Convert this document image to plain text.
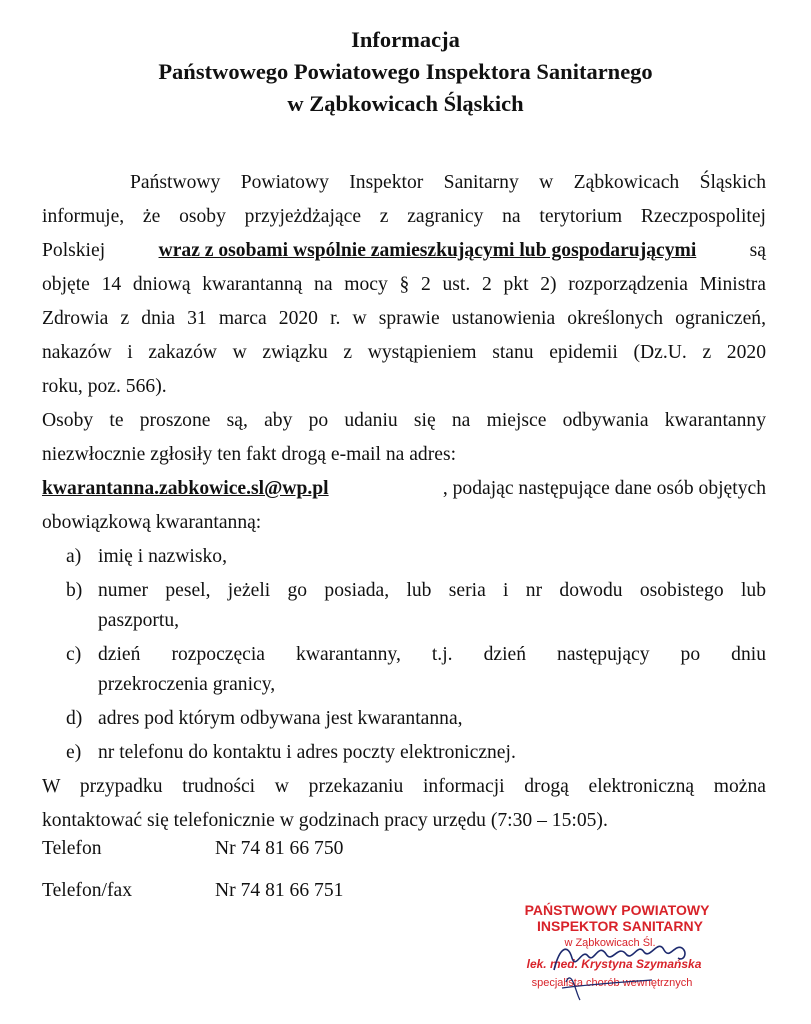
Informacja
Państwowego Powiatowego Inspektora Sanitarnego
w Ząbkowicach Śląskich
Państwowy Powiatowy Inspektor Sanitarny w Ząbkowicach Śląskich
informuje, że osoby przyjeżdżające z zagranicy na terytorium Rzeczpospolitej
Polskiej	wraz z osobami wspólnie zamieszkującymi lub gospodarującymi	są
objęte 14 dniową kwarantanną na mocy § 2 ust. 2 pkt 2) rozporządzenia Ministra
Zdrowia z dnia 31 marca 2020 r. w sprawie ustanowienia określonych ograniczeń,
nakazów i zakazów w związku z wystąpieniem stanu epidemii (Dz.U. z 2020
roku, poz. 566).
Osoby te proszone są, aby po udaniu się na miejsce odbywania kwarantanny
niezwłocznie zgłosiły ten fakt drogą e-mail na adres:
kwarantanna.zabkowice.sl@wp.pl	, podając następujące dane osób objętych
obowiązkową kwarantanną:
a) imię i nazwisko,
b) numer pesel, jeżeli go posiada, lub seria i nr dowodu osobistego lub
paszportu,
c) dzień rozpoczęcia kwarantanny, t.j. dzień następujący po dniu
przekroczenia granicy,
d) adres pod którym odbywana jest kwarantanna,
e) nr telefonu do kontaktu i adres poczty elektronicznej.
W przypadku trudności w przekazaniu informacji drogą elektroniczną można
kontaktować się telefonicznie w godzinach pracy urzędu (7:30 – 15:05).
Telefon	Nr 74 81 66 750
Telefon/fax	Nr 74 81 66 751
PAŃSTWOWY POWIATOWY
INSPEKTOR SANITARNY
w Ząbkowicach Śl.
lek. med. Krystyna Szymańska
specjalista chorób wewnętrznych
